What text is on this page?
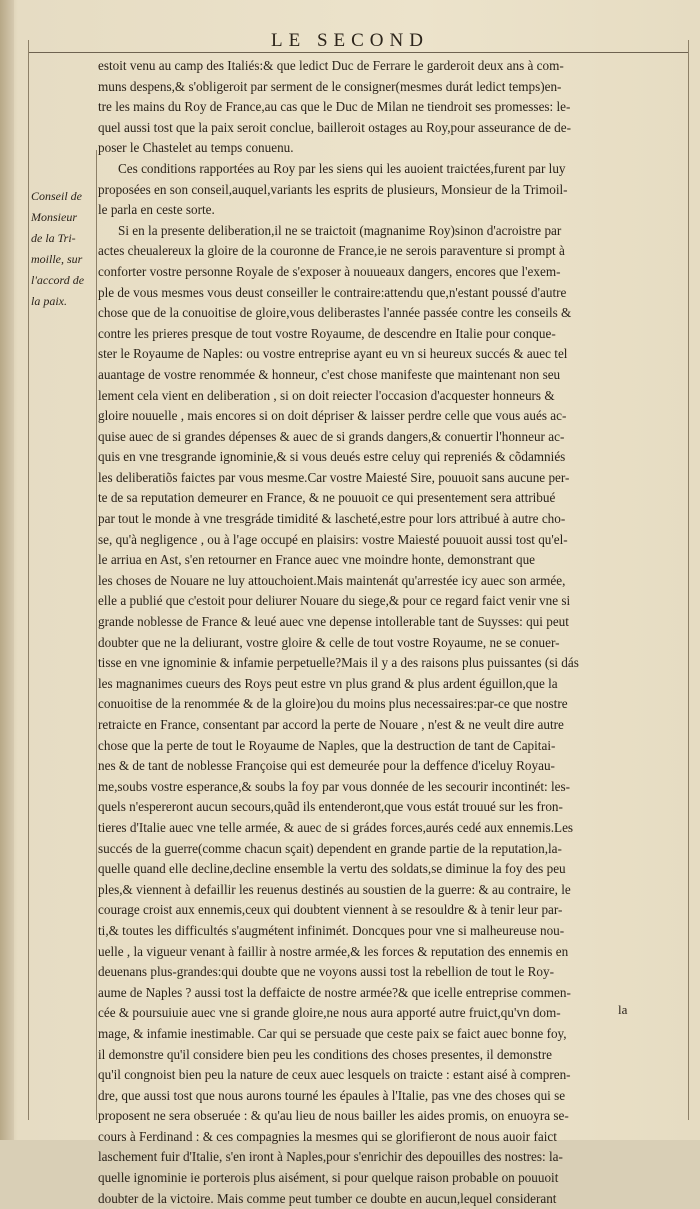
LE SECOND
Conseil de
Monsieur
de la Tri-
moille, sur
l'accord de
la paix.
estoit venu au camp des Italiés:& que ledict Duc de Ferrare le garderoit deux ans à com-
muns despens,& s'obligeroit par serment de le consigner(mesmes durát ledict temps)en-
tre les mains du Roy de France,au cas que le Duc de Milan ne tiendroit ses promesses: le-
quel aussi tost que la paix seroit conclue, bailleroit ostages au Roy,pour asseurance de de-
poser le Chastelet au temps conuenu.
Ces conditions rapportées au Roy par les siens qui les auoient traictées,furent par luy
proposées en son conseil,auquel,variants les esprits de plusieurs, Monsieur de la Trimoil-
le parla en ceste sorte.
Si en la presente deliberation,il ne se traictoit (magnanime Roy)sinon d'acroistre par
actes cheualereux la gloire de la couronne de France,ie ne serois paraventure si prompt à
conforter vostre personne Royale de s'exposer à nouueaux dangers, encores que l'exem-
ple de vous mesmes vous deust conseiller le contraire:attendu que,n'estant poussé d'autre
chose que de la conuoitise de gloire,vous deliberastes l'année passée contre les conseils &
contre les prieres presque de tout vostre Royaume, de descendre en Italie pour conque-
ster le Royaume de Naples: ou vostre entreprise ayant eu vn si heureux succés & auec tel
auantage de vostre renommée & honneur, c'est chose manifeste que maintenant non seu
lement cela vient en deliberation , si on doit reiecter l'occasion d'acquester honneurs &
gloire nouuelle , mais encores si on doit dépriser & laisser perdre celle que vous aués ac-
quise auec de si grandes dépenses & auec de si grands dangers,& conuertir l'honneur ac-
quis en vne tresgrande ignominie,& si vous deués estre celuy qui repreniés & cõdamniés
les deliberatiõs faictes par vous mesme.Car vostre Maiesté Sire, pouuoit sans aucune per-
te de sa reputation demeurer en France, & ne pouuoit ce qui presentement sera attribué
par tout le monde à vne tresgráde timidité & lascheté,estre pour lors attribué à autre cho-
se, qu'à negligence , ou à l'age occupé en plaisirs: vostre Maiesté pouuoit aussi tost qu'el-
le arriua en Ast, s'en retourner en France auec vne moindre honte, demonstrant que
les choses de Nouare ne luy attouchoient.Mais maintenát qu'arrestée icy auec son armée,
elle a publié que c'estoit pour deliurer Nouare du siege,& pour ce regard faict venir vne si
grande noblesse de France & leué auec vne depense intollerable tant de Suysses: qui peut
doubter que ne la deliurant, vostre gloire & celle de tout vostre Royaume, ne se conuer-
tisse en vne ignominie & infamie perpetuelle?Mais il y a des raisons plus puissantes (si dás
les magnanimes cueurs des Roys peut estre vn plus grand & plus ardent éguillon,que la
conuoitise de la renommée & de la gloire)ou du moins plus necessaires:par-ce que nostre
retraicte en France, consentant par accord la perte de Nouare , n'est & ne veult dire autre
chose que la perte de tout le Royaume de Naples, que la destruction de tant de Capitai-
nes & de tant de noblesse Françoise qui est demeurée pour la deffence d'iceluy Royau-
me,soubs vostre esperance,& soubs la foy par vous donnée de les secourir incontinét: les-
quels n'espereront aucun secours,quãd ils entenderont,que vous estát trouué sur les fron-
tieres d'Italie auec vne telle armée, & auec de si grádes forces,aurés cedé aux ennemis.Les
succés de la guerre(comme chacun sçait) dependent en grande partie de la reputation,la-
quelle quand elle decline,decline ensemble la vertu des soldats,se diminue la foy des peu
ples,& viennent à defaillir les reuenus destinés au soustien de la guerre: & au contraire, le
courage croist aux ennemis,ceux qui doubtent viennent à se resouldre & à tenir leur par-
ti,& toutes les difficultés s'augmétent infinimét. Doncques pour vne si malheureuse nou-
uelle , la vigueur venant à faillir à nostre armée,& les forces & reputation des ennemis en
deuenans plus-grandes:qui doubte que ne voyons aussi tost la rebellion de tout le Roy-
aume de Naples ? aussi tost la deffaicte de nostre armée?& que icelle entreprise commen-
cée & poursuiuie auec vne si grande gloire,ne nous aura apporté autre fruict,qu'vn dom-
mage, & infamie inestimable. Car qui se persuade que ceste paix se faict auec bonne foy,
il demonstre qu'il considere bien peu les conditions des choses presentes, il demonstre
qu'il congnoist bien peu la nature de ceux auec lesquels on traicte : estant aisé à compren-
dre, que aussi tost que nous aurons tourné les épaules à l'Italie, pas vne des choses qui se
proposent ne sera obseruée : & qu'au lieu de nous bailler les aides promis, on enuoyra se-
cours à Ferdinand : & ces compagnies la mesmes qui se glorifieront de nous auoir faict
laschement fuir d'Italie, s'en iront à Naples,pour s'enrichir des depouilles des nostres: la-
quelle ignominie ie porterois plus aisément, si pour quelque raison probable on pouuoit
doubter de la victoire. Mais comme peut tumber ce doubte en aucun,lequel considerant
la
